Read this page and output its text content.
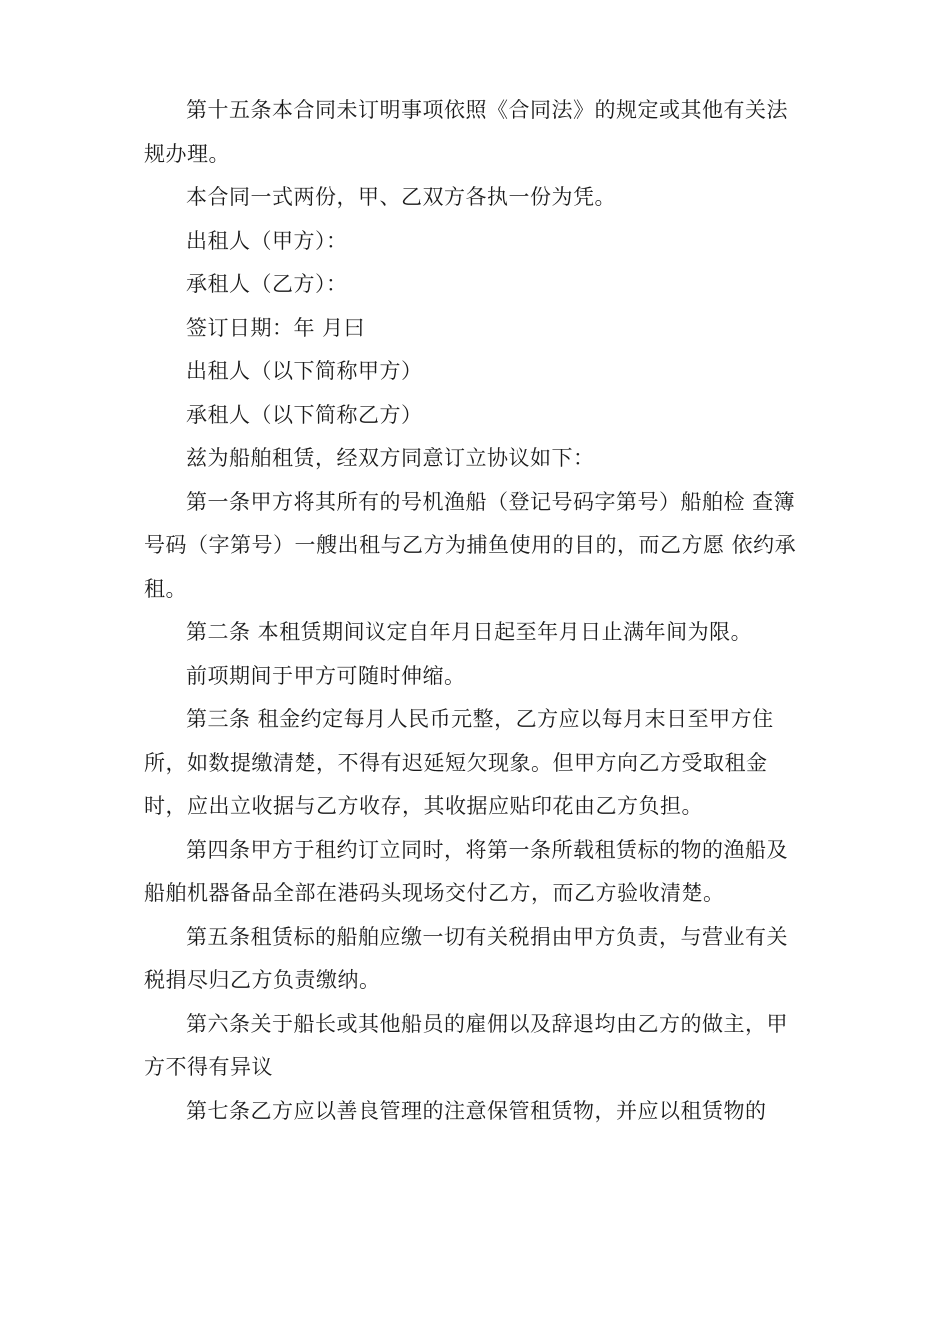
第十五条本合同未订明事项依照《合同法》的规定或其他有关法规办理。

本合同一式两份，甲、乙双方各执一份为凭。

出租人（甲方）：

承租人（乙方）：

签订日期：年 月曰

出租人（以下简称甲方）

承租人（以下简称乙方）

兹为船舶租赁，经双方同意订立协议如下：

第一条甲方将其所有的号机渔船（登记号码字第号）船舶检 查簿号码（字第号）一艘出租与乙方为捕鱼使用的目的，而乙方愿 依约承租。

第二条 本租赁期间议定自年月日起至年月日止满年间为限。

前项期间于甲方可随时伸缩。

第三条 租金约定每月人民币元整，乙方应以每月末日至甲方住所，如数提缴清楚，不得有迟延短欠现象。但甲方向乙方受取租金时，应出立收据与乙方收存，其收据应贴印花由乙方负担。

第四条甲方于租约订立同时，将第一条所载租赁标的物的渔船及船舶机器备品全部在港码头现场交付乙方，而乙方验收清楚。

第五条租赁标的船舶应缴一切有关税捐由甲方负责，与营业有关税捐尽归乙方负责缴纳。

第六条关于船长或其他船员的雇佣以及辞退均由乙方的做主，甲方不得有异议

第七条乙方应以善良管理的注意保管租赁物，并应以租赁物的
